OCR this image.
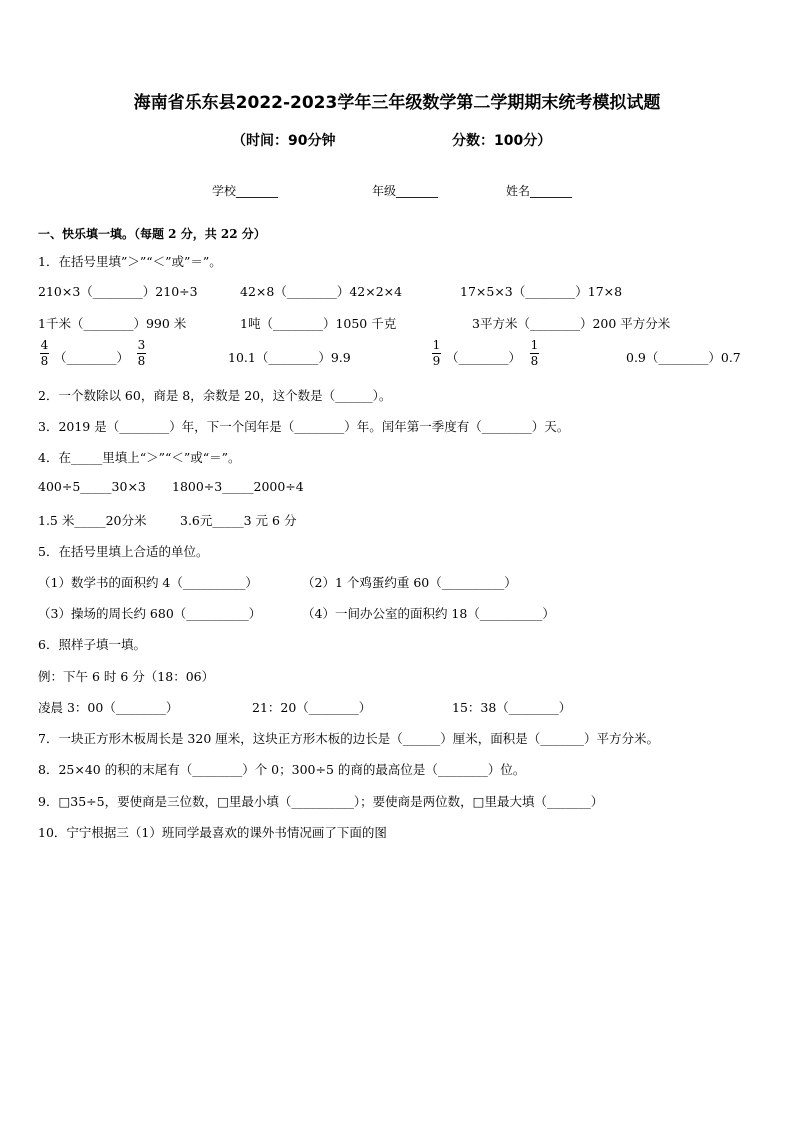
海南省乐东县2022-2023学年三年级数学第二学期期末统考模拟试题
（时间：90分钟	分数：100分）
学校_______	年级_______	姓名_______
一、快乐填一填。（每题 2 分，共 22 分）
1．在括号里填”＞”“＜”或”＝”。
210×3（________）210÷3	42×8（________）42×2×4	17×5×3（________）17×8
1千米（________）990 米	1吨（________）1050 千克	3平方米（________）200 平方分米
4
8 （________）
3
8	10.1（________）9.9
1
9 （________）
1
8	0.9（________）0.7
2．一个数除以 60，商是 8，余数是 20，这个数是（______）。
3．2019 是（________）年，下一个闰年是（________）年。闰年第一季度有（________）天。
4．在_____里填上“＞”“＜”或“＝”。
400÷5_____30×3 1800÷3_____2000÷4
1.5 米_____20分米	3.6元_____3 元 6 分
5．在括号里填上合适的单位。
（1）数学书的面积约 4（__________）	（2）1 个鸡蛋约重 60（__________）
（3）操场的周长约 680（__________）	（4）一间办公室的面积约 18（__________）
6．照样子填一填。
例：下午 6 时 6 分（18：06）
凌晨 3：00（________）	21：20（________）	15：38（________）
7．一块正方形木板周长是 320 厘米，这块正方形木板的边长是（______）厘米，面积是（_______）平方分米。
8．25×40 的积的末尾有（________）个 0；300÷5 的商的最高位是（________）位。
9．□35÷5，要使商是三位数，□里最小填（__________）；要使商是两位数，□里最大填（_______）
10．宁宁根据三（1）班同学最喜欢的课外书情况画了下面的图
